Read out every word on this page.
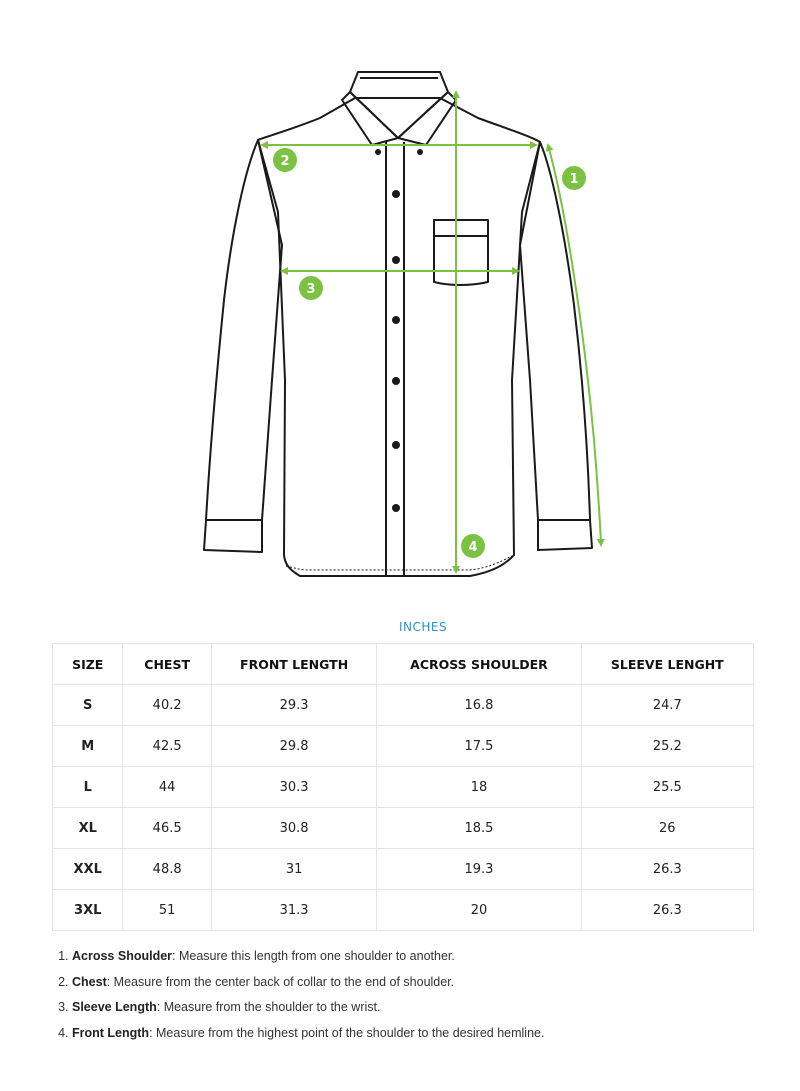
1
2
3
4
INCHES
SIZE	CHEST	FRONT LENGTH	ACROSS SHOULDER	SLEEVE LENGHT
S	40.2	29.3	16.8	24.7
M	42.5	29.8	17.5	25.2
L	44	30.3	18	25.5
XL	46.5	30.8	18.5	26
XXL	48.8	31	19.3	26.3
3XL	51	31.3	20	26.3
1. Across Shoulder: Measure this length from one shoulder to another.
2. Chest: Measure from the center back of collar to the end of shoulder.
3. Sleeve Length: Measure from the shoulder to the wrist.
4. Front Length: Measure from the highest point of the shoulder to the desired hemline.
